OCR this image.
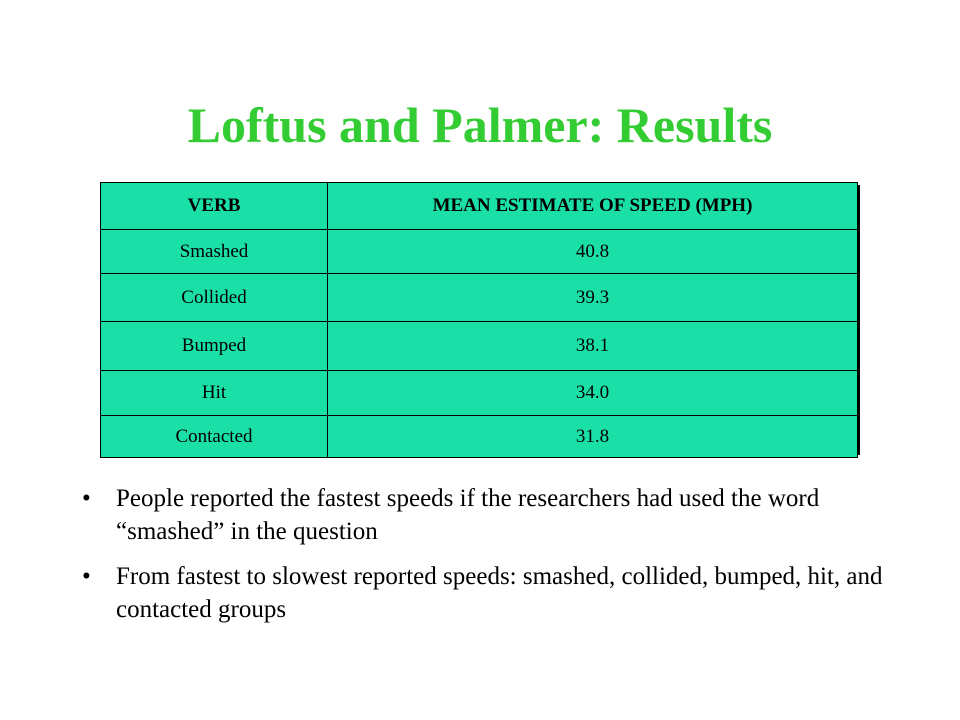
Loftus and Palmer: Results
VERB	MEAN ESTIMATE OF SPEED (MPH)
Smashed	40.8
Collided	39.3
Bumped	38.1
Hit	34.0
Contacted	31.8
• People reported the fastest speeds if the researchers had used the word “smashed” in the question
• From fastest to slowest reported speeds: smashed, collided, bumped, hit, and contacted groups
